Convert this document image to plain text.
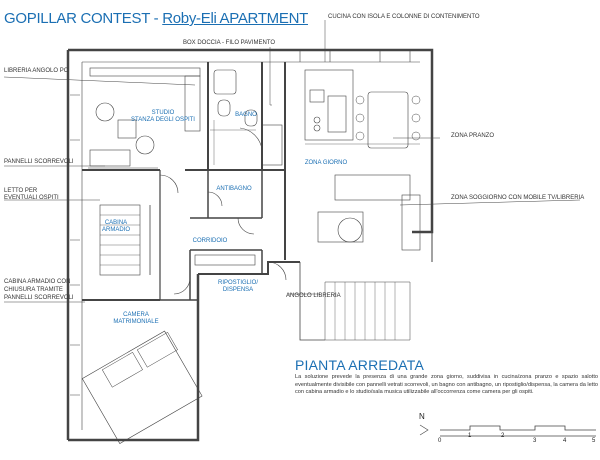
GOPILLAR CONTEST - Roby-Eli APARTMENT	CUCINA CON ISOLA E COLONNE DI CONTENIMENTO
BOX DOCCIA - FILO PAVIMENTO
LIBRERIA ANGOLO PC
ZONA PRANZO
PANNELLI SCORREVOLI
LETTO PER
EVENTUALI OSPITI	ZONA SOGGIORNO CON MOBILE TV/LIBRERIA
CABINA ARMADIO CON
CHIUSURA TRAMITE
PANNELLI SCORREVOLI	ANGOLO LIBRERIA
STUDIO
STANZA DEGLI OSPITI
BAGNO
ANTIBAGNO
ZONA GIORNO
CABINA
ARMADIO
CORRIDOIO
RIPOSTIGLIO/
DISPENSA
CAMERA
MATRIMONIALE
PIANTA ARREDATA
La soluzione prevede la presenza di una grande zona giorno, suddivisa in cucina/zona pranzo e spazio salotto eventualmente divisibile con pannelli vetrati scorrevoli, un bagno con antibagno, un ripostiglio/dispensa, la camera da letto con cabina armadio e lo studio/sala musica utilizzabile all'occorrenza come camera per gli ospiti.
N
0
1	2
3	4	5
